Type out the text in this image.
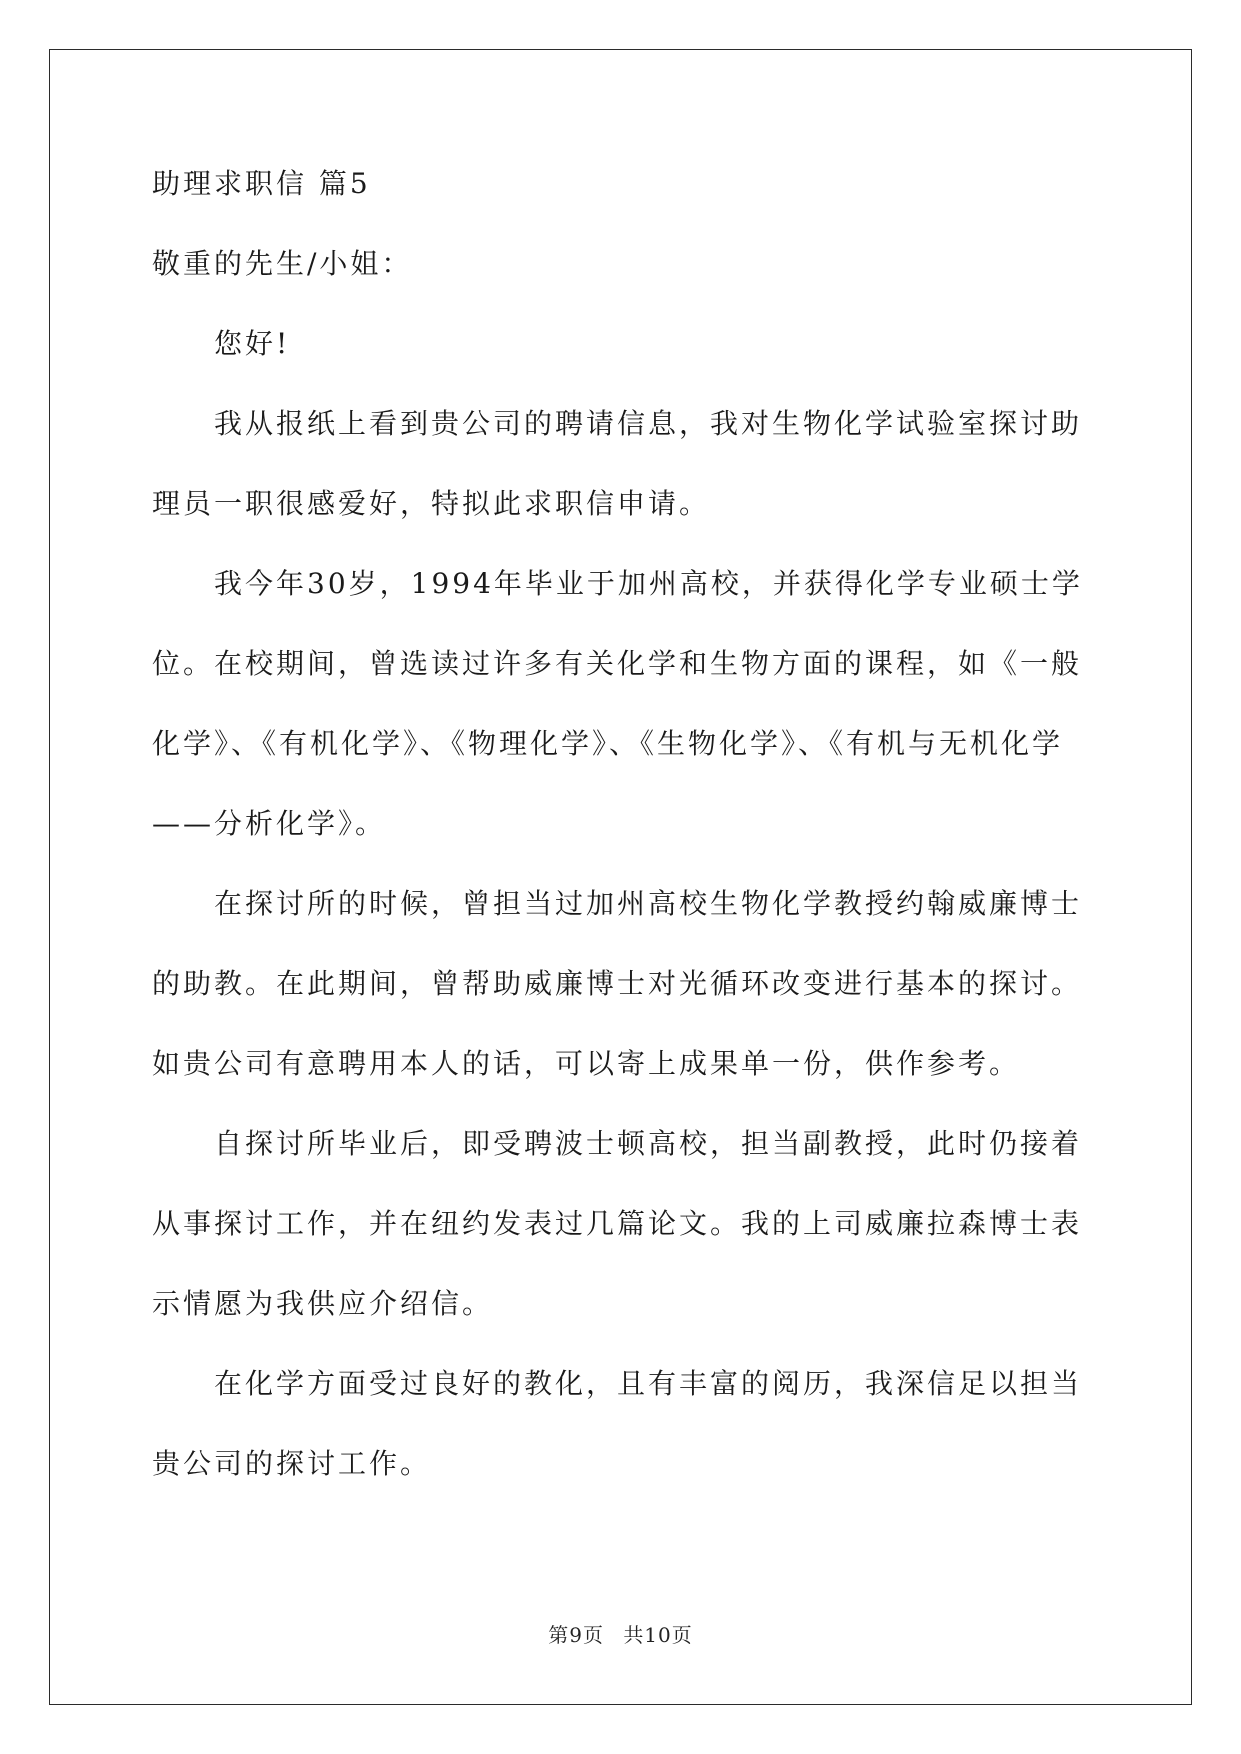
助理求职信 篇5
敬重的先生/小姐：
您好!
我从报纸上看到贵公司的聘请信息，我对生物化学试验室探讨助
理员一职很感爱好，特拟此求职信申请。
我今年30岁，1994年毕业于加州高校，并获得化学专业硕士学
位。在校期间，曾选读过许多有关化学和生物方面的课程，如《一般
化学》、《有机化学》、《物理化学》、《生物化学》、《有机与无机化学
——分析化学》。
在探讨所的时候，曾担当过加州高校生物化学教授约翰威廉博士
的助教。在此期间，曾帮助威廉博士对光循环改变进行基本的探讨。
如贵公司有意聘用本人的话，可以寄上成果单一份，供作参考。
自探讨所毕业后，即受聘波士顿高校，担当副教授，此时仍接着
从事探讨工作，并在纽约发表过几篇论文。我的上司威廉拉森博士表
示情愿为我供应介绍信。
在化学方面受过良好的教化，且有丰富的阅历，我深信足以担当
贵公司的探讨工作。
第9页 共10页
